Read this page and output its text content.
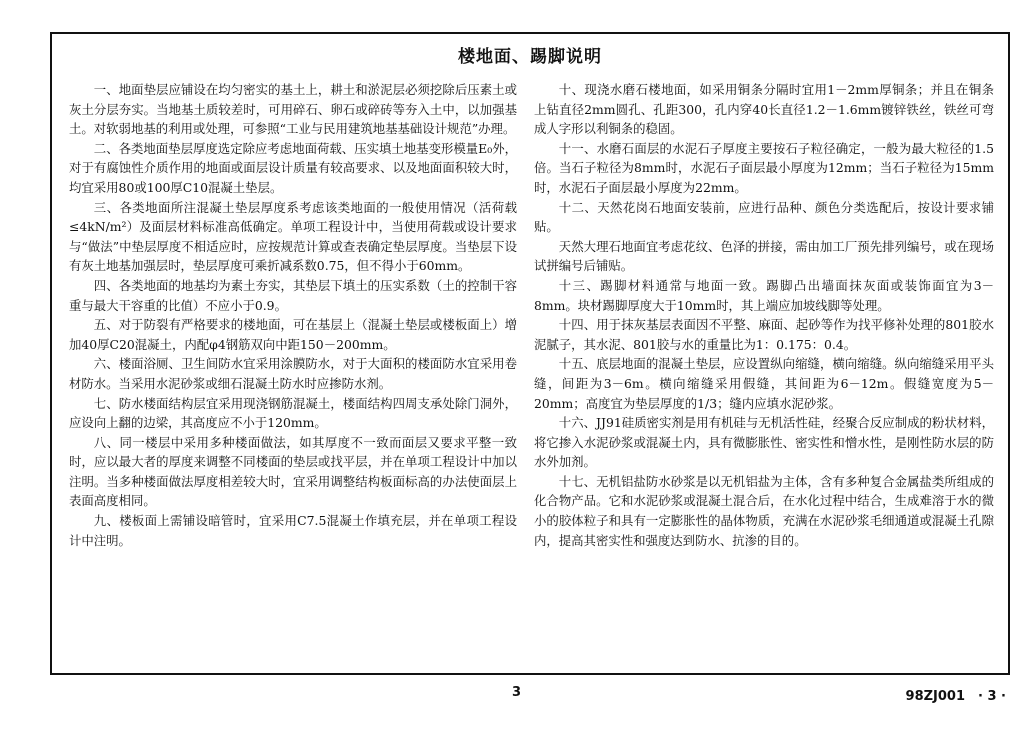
楼地面、踢脚说明

一、地面垫层应铺设在均匀密实的基土上，耕土和淤泥层必须挖除后压素土或灰土分层夯实。当地基土质较差时，可用碎石、卵石或碎砖等夯入土中，以加强基土。对软弱地基的利用或处理，可参照“工业与民用建筑地基基础设计规范”办理。

二、各类地面垫层厚度选定除应考虑地面荷载、压实填土地基变形模量E₀外，对于有腐蚀性介质作用的地面或面层设计质量有较高要求、以及地面面积较大时，均宜采用80或100厚C10混凝土垫层。

三、各类地面所注混凝土垫层厚度系考虑该类地面的一般使用情况（活荷载≤4kN/m²）及面层材料标准高低确定。单项工程设计中，当使用荷载或设计要求与“做法”中垫层厚度不相适应时，应按规范计算或查表确定垫层厚度。当垫层下设有灰土地基加强层时，垫层厚度可乘折减系数0.75，但不得小于60mm。

四、各类地面的地基均为素土夯实，其垫层下填土的压实系数（土的控制干容重与最大干容重的比值）不应小于0.9。

五、对于防裂有严格要求的楼地面，可在基层上（混凝土垫层或楼板面上）增加40厚C20混凝土，内配φ4钢筋双向中距150－200mm。

六、楼面浴厕、卫生间防水宜采用涂膜防水，对于大面积的楼面防水宜采用卷材防水。当采用水泥砂浆或细石混凝土防水时应掺防水剂。

七、防水楼面结构层宜采用现浇钢筋混凝土，楼面结构四周支承处除门洞外，应设向上翻的边梁，其高度应不小于120mm。

八、同一楼层中采用多种楼面做法，如其厚度不一致而面层又要求平整一致时，应以最大者的厚度来调整不同楼面的垫层或找平层，并在单项工程设计中加以注明。当多种楼面做法厚度相差较大时，宜采用调整结构板面标高的办法使面层上表面高度相同。

九、楼板面上需铺设暗管时，宜采用C7.5混凝土作填充层，并在单项工程设计中注明。

十、现浇水磨石楼地面，如采用铜条分隔时宜用1－2mm厚铜条；并且在铜条上钻直径2mm圆孔、孔距300，孔内穿40长直径1.2－1.6mm镀锌铁丝，铁丝可弯成人字形以利铜条的稳固。

十一、水磨石面层的水泥石子厚度主要按石子粒径确定，一般为最大粒径的1.5倍。当石子粒径为8mm时，水泥石子面层最小厚度为12mm；当石子粒径为15mm时，水泥石子面层最小厚度为22mm。

十二、天然花岗石地面安装前，应进行品种、颜色分类选配后，按设计要求铺贴。

天然大理石地面宜考虑花纹、色泽的拼接，需由加工厂预先排列编号，或在现场试拼编号后铺贴。

十三、踢脚材料通常与地面一致。踢脚凸出墙面抹灰面或装饰面宜为3－8mm。块材踢脚厚度大于10mm时，其上端应加坡线脚等处理。

十四、用于抹灰基层表面因不平整、麻面、起砂等作为找平修补处理的801胶水泥腻子，其水泥、801胶与水的重量比为1：0.175：0.4。

十五、底层地面的混凝土垫层，应设置纵向缩缝，横向缩缝。纵向缩缝采用平头缝，间距为3－6m。横向缩缝采用假缝，其间距为6－12m。假缝宽度为5－20mm；高度宜为垫层厚度的1/3；缝内应填水泥砂浆。

十六、JJ91硅质密实剂是用有机硅与无机活性硅，经聚合反应制成的粉状材料，将它掺入水泥砂浆或混凝土内，具有微膨胀性、密实性和憎水性，是刚性防水层的防水外加剂。

十七、无机铝盐防水砂浆是以无机铝盐为主体，含有多种复合金属盐类所组成的化合物产品。它和水泥砂浆或混凝土混合后，在水化过程中结合，生成难溶于水的微小的胶体粒子和具有一定膨胀性的晶体物质，充满在水泥砂浆毛细通道或混凝土孔隙内，提高其密实性和强度达到防水、抗渗的目的。

3	98ZJ001　· 3 ·
